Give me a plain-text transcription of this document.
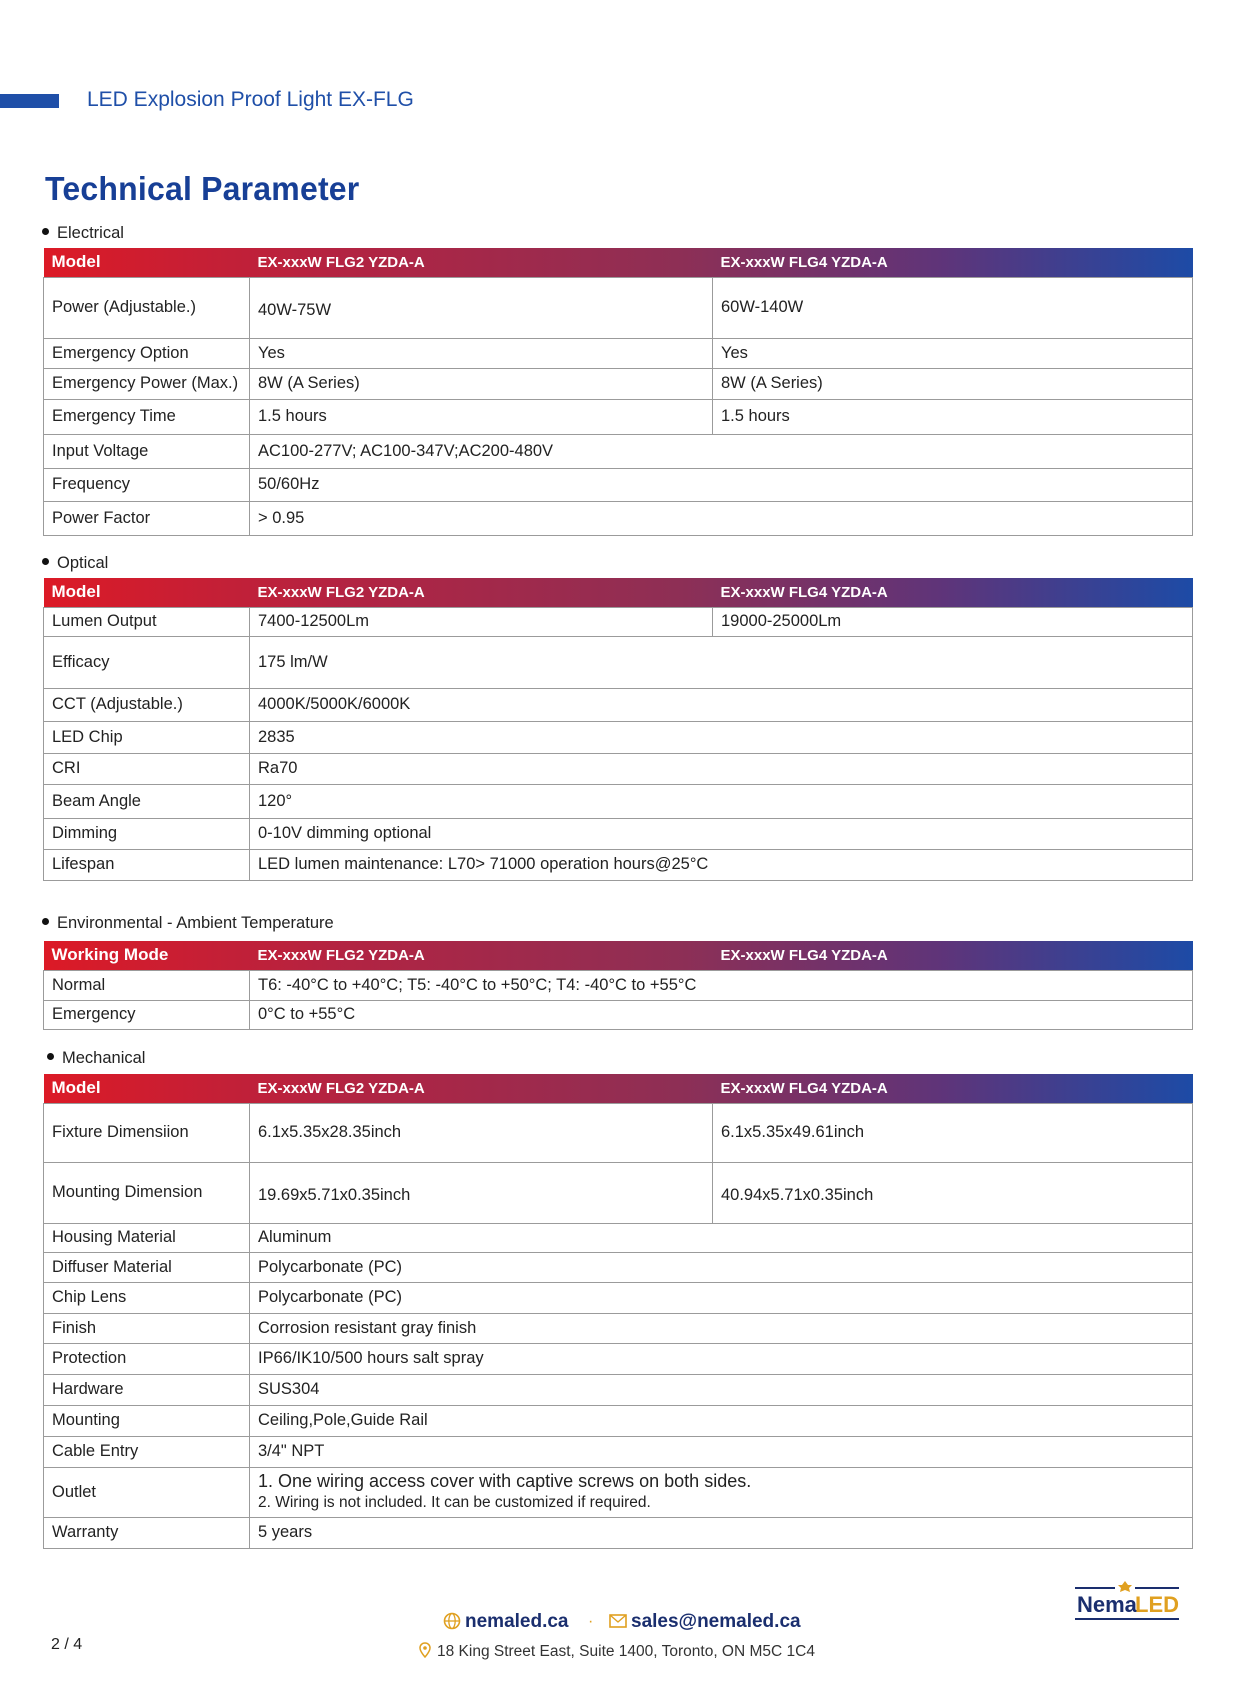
LED Explosion Proof Light EX-FLG
Technical Parameter
Electrical
Model	EX-xxxW FLG2 YZDA-A	EX-xxxW FLG4 YZDA-A
Power (Adjustable.)	40W-75W	60W-140W
Emergency Option	Yes	Yes
Emergency Power (Max.)	8W (A Series)	8W (A Series)
Emergency Time	1.5 hours	1.5 hours
Input Voltage	AC100-277V; AC100-347V;AC200-480V	
Frequency	50/60Hz	
Power Factor	> 0.95	
Optical
Model	EX-xxxW FLG2 YZDA-A	EX-xxxW FLG4 YZDA-A
Lumen Output	7400-12500Lm	19000-25000Lm
Efficacy	175 lm/W	
CCT (Adjustable.)	4000K/5000K/6000K	
LED Chip	2835	
CRI	Ra70	
Beam Angle	120°	
Dimming	0-10V dimming optional	
Lifespan	LED lumen maintenance: L70> 71000 operation hours@25°C	
Environmental - Ambient Temperature
Working Mode	EX-xxxW FLG2 YZDA-A	EX-xxxW FLG4 YZDA-A
Normal	T6: -40°C to +40°C; T5: -40°C to +50°C; T4: -40°C to +55°C	
Emergency	0°C to +55°C	
Mechanical
Model	EX-xxxW FLG2 YZDA-A	EX-xxxW FLG4 YZDA-A
Fixture Dimensiion	6.1x5.35x28.35inch	6.1x5.35x49.61inch
Mounting Dimension	19.69x5.71x0.35inch	40.94x5.71x0.35inch
Housing Material	Aluminum	
Diffuser Material	Polycarbonate (PC)	
Chip Lens	Polycarbonate (PC)	
Finish	Corrosion resistant gray finish	
Protection	IP66/IK10/500 hours salt spray	
Hardware	SUS304	
Mounting	Ceiling,Pole,Guide Rail	
Cable Entry	3/4" NPT	
Outlet	1. One wiring access cover with captive screws on both sides.
2. Wiring is not included. It can be customized if required.	

Warranty	5 years	
nemaled.ca ·	sales@nemaled.ca
18 King Street East, Suite 1400, Toronto, ON M5C 1C4
2 / 4
Nema
LED
